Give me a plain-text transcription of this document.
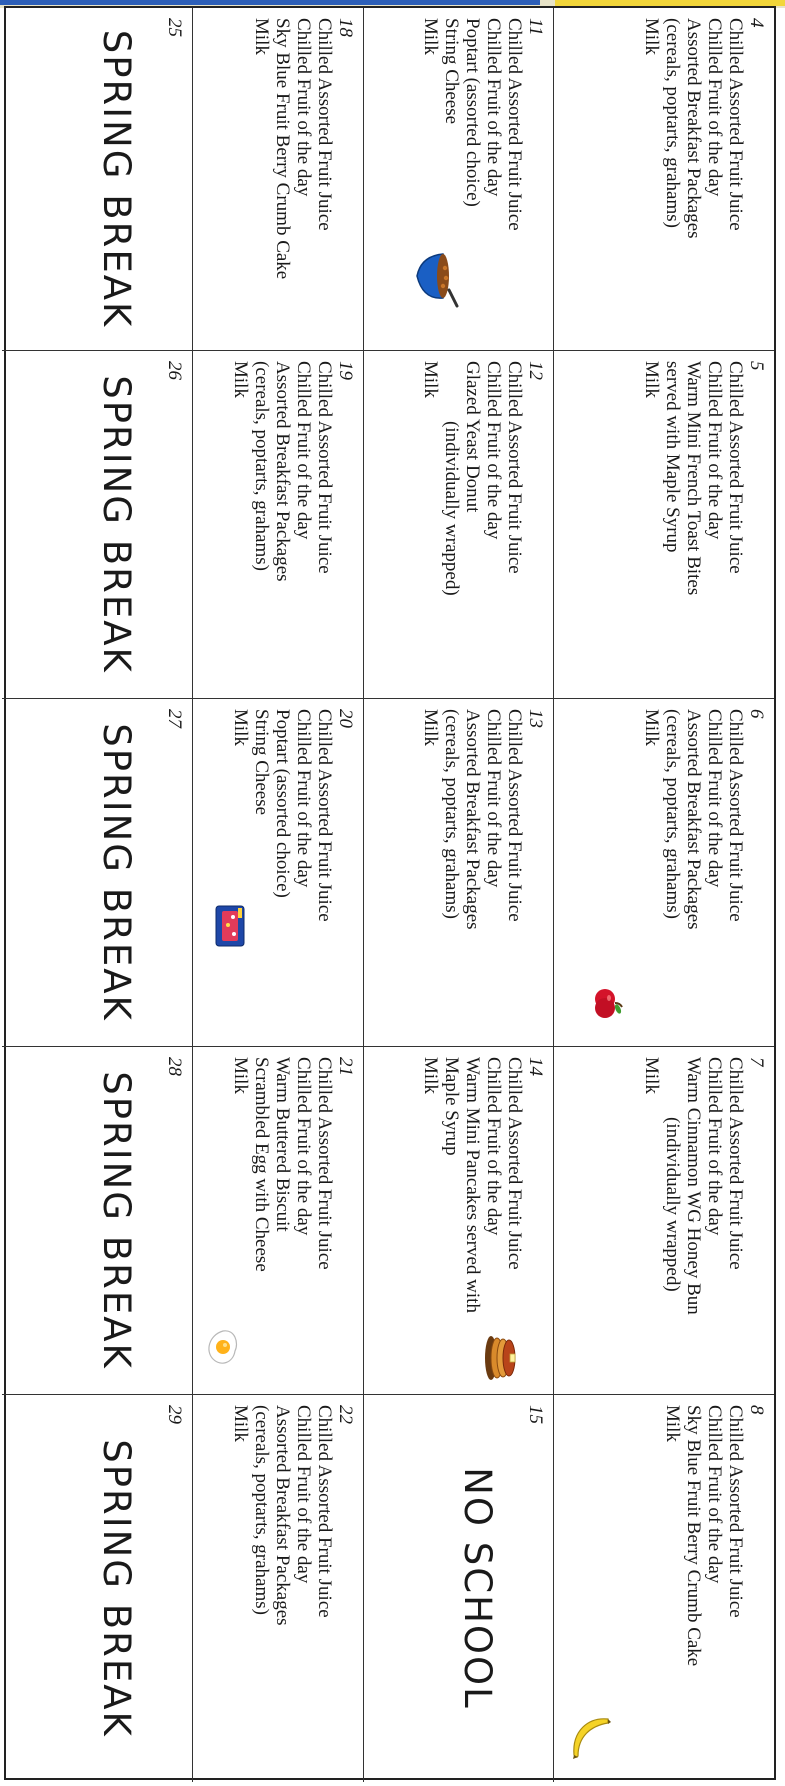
4
Chilled Assorted Fruit Juice
Chilled Fruit of the day
Assorted Breakfast Packages
(cereals, poptarts, grahams)
Milk
5
Chilled Assorted Fruit Juice
Chilled Fruit of the day
Warm Mini French Toast Bites
served with Maple Syrup
Milk
6
Chilled Assorted Fruit Juice
Chilled Fruit of the day
Assorted Breakfast Packages
(cereals, poptarts, grahams)
Milk
7
Chilled Assorted Fruit Juice
Chilled Fruit of the day
Warm Cinnamon WG Honey Bun
(individually wrapped)
Milk
8
Chilled Assorted Fruit Juice
Chilled Fruit of the day
Sky Blue Fruit Berry Crumb Cake
Milk
11
Chilled Assorted Fruit Juice
Chilled Fruit of the day
Poptart (assorted choice)
String Cheese
Milk
12
Chilled Assorted Fruit Juice
Chilled Fruit of the day
Glazed Yeast Donut
(individually wrapped)
Milk
13
Chilled Assorted Fruit Juice
Chilled Fruit of the day
Assorted Breakfast Packages
(cereals, poptarts, grahams)
Milk
14
Chilled Assorted Fruit Juice
Chilled Fruit of the day
Warm Mini Pancakes served with
Maple Syrup
Milk
15
NO SCHOOL
18
Chilled Assorted Fruit Juice
Chilled Fruit of the day
Sky Blue Fruit Berry Crumb Cake
Milk
19
Chilled Assorted Fruit Juice
Chilled Fruit of the day
Assorted Breakfast Packages
(cereals, poptarts, grahams)
Milk
20
Chilled Assorted Fruit Juice
Chilled Fruit of the day
Poptart (assorted choice)
String Cheese
Milk
21
Chilled Assorted Fruit Juice
Chilled Fruit of the day
Warm Buttered Biscuit
Scrambled Egg with Cheese
Milk
22
Chilled Assorted Fruit Juice
Chilled Fruit of the day
Assorted Breakfast Packages
(cereals, poptarts, grahams)
Milk
25
SPRING BREAK
26
SPRING BREAK
27
SPRING BREAK
28
SPRING BREAK
29
SPRING BREAK
